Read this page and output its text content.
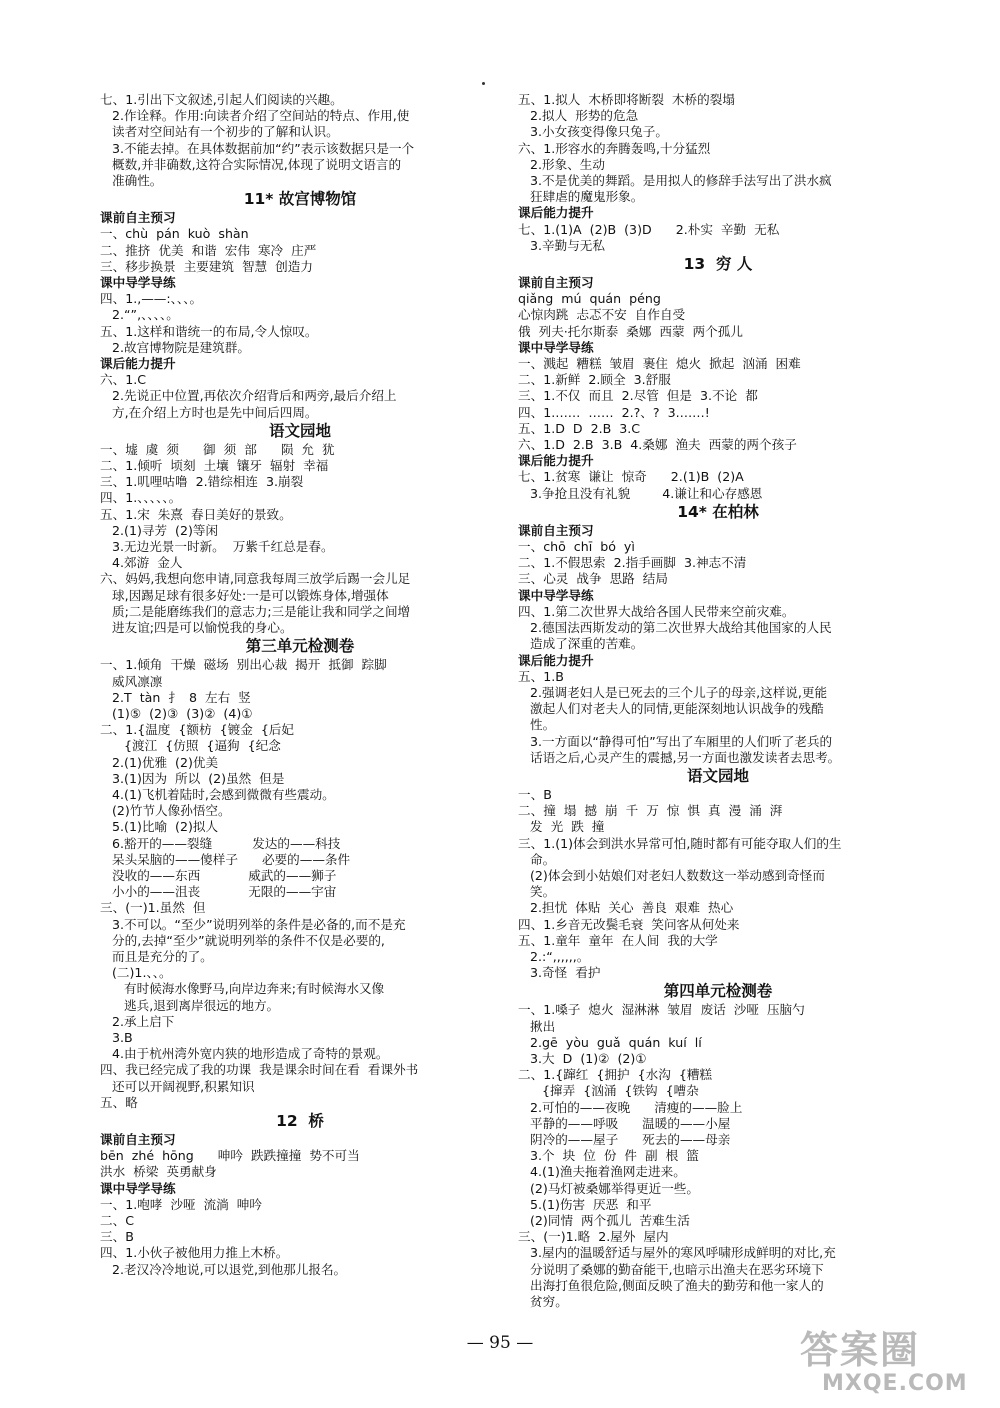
七、1.引出下文叙述,引起人们阅读的兴趣。
2.作诠释。作用:向读者介绍了空间站的特点、作用,使
读者对空间站有一个初步的了解和认识。
3.不能去掉。在具体数据前加“约”表示该数据只是一个
概数,并非确数,这符合实际情况,体现了说明文语言的
准确性。
11* 故宫博物馆
课前自主预习
一、chù  pán  kuò  shàn
二、推挤  优美  和谐  宏伟  寒冷  庄严
三、移步换景  主要建筑  智慧  创造力
课中导学导练
四、1.,——:、、、。
2.“”,、、、、。
五、1.这样和谐统一的布局,令人惊叹。
2.故宫博物院是建筑群。
课后能力提升
六、1.C
2.先说正中位置,再依次介绍背后和两旁,最后介绍上
方,在介绍上方时也是先中间后四周。
语文园地
一、墟  虞  须      御  须  部      陨  允  犹
二、1.倾听  顷刻  土壤  镶牙  辐射  幸福
三、1.叽哩咕噜  2.错综相连  3.崩裂
四、1.、、、、、。
五、1.宋  朱熹  春日美好的景致。
2.(1)寻芳  (2)等闲
3.无边光景一时新。  万紫千红总是春。
4.郊游  金人
六、妈妈,我想向您申请,同意我每周三放学后踢一会儿足
球,因踢足球有很多好处:一是可以锻炼身体,增强体
质;二是能磨练我们的意志力;三是能让我和同学之间增
进友谊;四是可以愉悦我的身心。
第三单元检测卷
一、1.倾角  干燥  磁场  别出心裁  揭开  抵御  踪脚
威风凛凛
2.T  tàn  扌  8  左右  竖
(1)⑤  (2)③  (3)②  (4)①
二、1.{温度  {额枋  {镀金  {后妃
{渡江  {仿照  {逼狗  {纪念
2.(1)优雅  (2)优美
3.(1)因为  所以  (2)虽然  但是
4.(1)飞机着陆时,会感到微微有些震动。
(2)竹节人像孙悟空。
5.(1)比喻  (2)拟人
6.豁开的——裂缝          发达的——科技
呆头呆脑的——傻样子      必要的——条件
没收的——东西            威武的——狮子
小小的——沮丧            无限的——宇宙
三、(一)1.虽然  但
3.不可以。“至少”说明列举的条件是必备的,而不是充
分的,去掉“至少”就说明列举的条件不仅是必要的,
而且是充分的了。
(二)1.、、。
有时候海水像野马,向岸边奔来;有时候海水又像
逃兵,退到离岸很远的地方。
2.承上启下
3.B
4.由于杭州湾外宽内狭的地形造成了奇特的景观。
四、我已经完成了我的功课  我是课余时间在看  看课外书
还可以开阔视野,积累知识
五、略
12  桥
课前自主预习
bēn  zhé  hōng      呻吟  跌跌撞撞  势不可当
洪水  桥梁  英勇献身
课中导学导练
一、1.咆哮  沙哑  流淌  呻吟
二、C
三、B
四、1.小伙子被他用力推上木桥。
2.老汉冷冷地说,可以退党,到他那儿报名。
五、1.拟人  木桥即将断裂  木桥的裂塌
2.拟人  形势的危急
3.小女孩变得像只兔子。
六、1.形容水的奔腾轰鸣,十分猛烈
2.形象、生动
3.不是优美的舞蹈。是用拟人的修辞手法写出了洪水疯
狂肆虐的魔鬼形象。
课后能力提升
七、1.(1)A  (2)B  (3)D      2.朴实  辛勤  无私
3.辛勤与无私
13  穷 人
课前自主预习
qiǎng  mú  quán  péng
心惊肉跳  忐忑不安  自作自受
俄  列夫·托尔斯泰  桑娜  西蒙  两个孤儿
课中导学导练
一、溅起  糟糕  皱眉  裹住  熄火  掀起  汹涌  困难
二、1.新鲜  2.顾全  3.舒服
三、1.不仅  而且  2.尽管  但是  3.不论  都
四、1.……  ……  2.?、?  3.……!
五、1.D  D  2.B  3.C
六、1.D  2.B  3.B  4.桑娜  渔夫  西蒙的两个孩子
课后能力提升
七、1.贫寒  谦让  惊奇      2.(1)B  (2)A
3.争抢且没有礼貌        4.谦让和心存感恩
14* 在柏林
课前自主预习
一、chō  chī  bó  yì
二、1.不假思索  2.指手画脚  3.神志不清
三、心灵  战争  思路  结局
课中导学导练
四、1.第二次世界大战给各国人民带来空前灾难。
2.德国法西斯发动的第二次世界大战给其他国家的人民
造成了深重的苦难。
课后能力提升
五、1.B
2.强调老妇人是已死去的三个儿子的母亲,这样说,更能
激起人们对老夫人的同情,更能深刻地认识战争的残酷
性。
3.一方面以“静得可怕”写出了车厢里的人们听了老兵的
话语之后,心灵产生的震撼,另一方面也激发读者去思考。
语文园地
一、B
二、撞  塌  撼  崩  千  万  惊  惧  真  漫  涌  湃
发  光  跌  撞
三、1.(1)体会到洪水异常可怕,随时都有可能夺取人们的生
命。
(2)体会到小姑娘们对老妇人数数这一举动感到奇怪而
笑。
2.担忧  体贴  关心  善良  艰难  热心
四、1.乡音无改鬓毛衰  笑问客从何处来
五、1.童年  童年  在人间  我的大学
2.:“,,,,,,。
3.奇怪  看护
第四单元检测卷
一、1.嗓子  熄火  湿淋淋  皱眉  废话  沙哑  压脑勺
揪出
2.gē  yòu  guǎ  quán  kuí  lí
3.大  D  (1)②  (2)①
二、1.{蹿红  {拥护  {水沟  {糟糕
{撺弄  {汹涌  {铁钩  {嘈杂
2.可怕的——夜晚      清瘦的——脸上
平静的——呼吸      温暖的——小屋
阴冷的——屋子      死去的——母亲
3.个  块  位  份  件  副  根  篮
4.(1)渔夫拖着渔网走进来。
(2)马灯被桑娜举得更近一些。
5.(1)伤害  厌恶  和平
(2)同情  两个孤儿  苦难生活
三、(一)1.略  2.屋外  屋内
3.屋内的温暖舒适与屋外的寒风呼啸形成鲜明的对比,充
分说明了桑娜的勤奋能干,也暗示出渔夫在恶劣环境下
出海打鱼很危险,侧面反映了渔夫的勤劳和他一家人的
贫穷。
— 95 —	答案圈
MXQE.COM
